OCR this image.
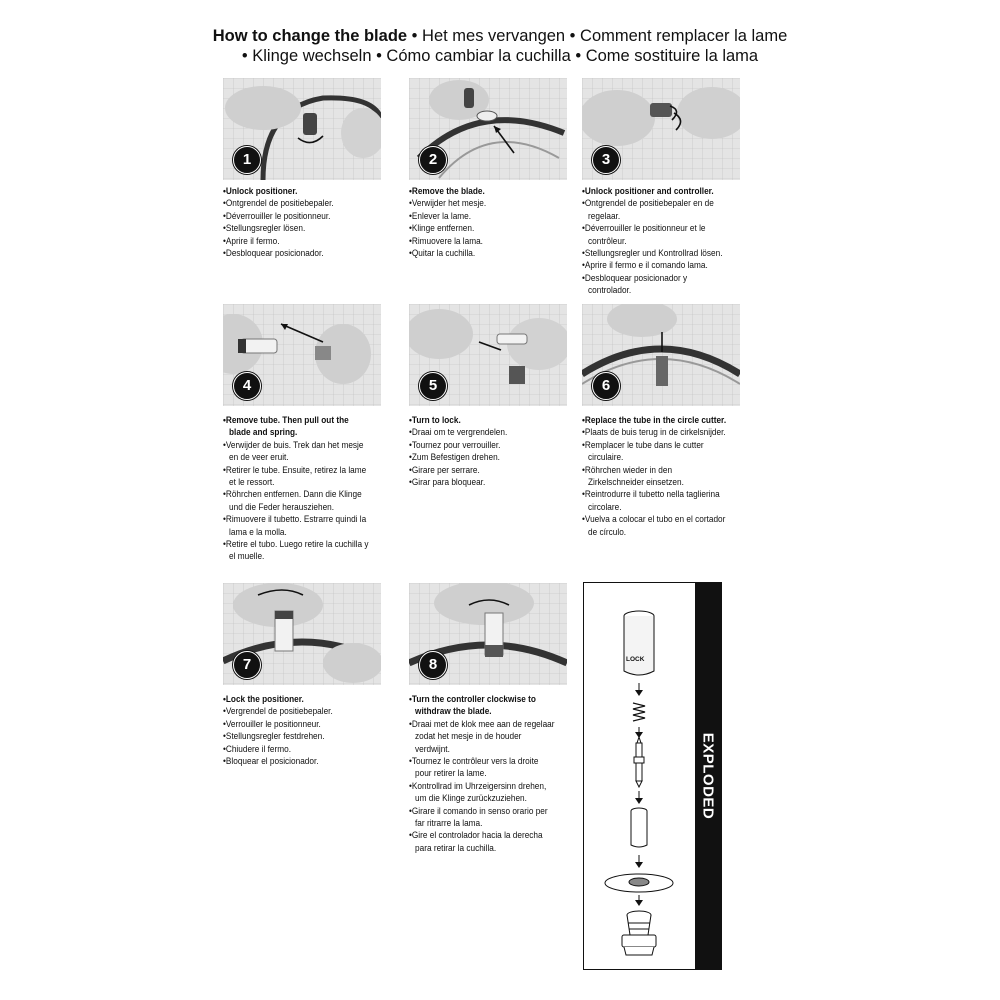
How to change the blade • Het mes vervangen • Comment remplacer la lame
• Klinge wechseln • Cómo cambiar la cuchilla • Come sostituire la lama
1	2	3
4	5	6
7	8
• Unlock positioner.
• Ontgrendel de positiebepaler.
• Déverrouiller le positionneur.
• Stellungsregler lösen.
• Aprire il fermo.
• Desbloquear posicionador.
• Remove the blade.
• Verwijder het mesje.
• Enlever la lame.
• Klinge entfernen.
• Rimuovere la lama.
• Quitar la cuchilla.
• Unlock positioner and controller.
• Ontgrendel de positiebepaler en de regelaar.
• Déverrouiller le positionneur et le contrôleur.
• Stellungsregler und Kontrollrad lösen.
• Aprire il fermo e il comando lama.
• Desbloquear posicionador y controlador.
• Remove tube. Then pull out the blade and spring.
• Verwijder de buis. Trek dan het mesje en de veer eruit.
• Retirer le tube. Ensuite, retirez la lame et le ressort.
• Röhrchen entfernen. Dann die Klinge und die Feder herausziehen.
• Rimuovere il tubetto. Estrarre quindi la lama e la molla.
• Retire el tubo. Luego retire la cuchilla y el muelle.
• Turn to lock.
• Draai om te vergrendelen.
• Tournez pour verrouiller.
• Zum Befestigen drehen.
• Girare per serrare.
• Girar para bloquear.
• Replace the tube in the circle cutter.
• Plaats de buis terug in de cirkelsnijder.
• Remplacer le tube dans le cutter circulaire.
• Röhrchen wieder in den Zirkelschneider einsetzen.
• Reintrodurre il tubetto nella taglierina circolare.
• Vuelva a colocar el tubo en el cortador de círculo.
• Lock the positioner.
• Vergrendel de positiebepaler.
• Verrouiller le positionneur.
• Stellungsregler festdrehen.
• Chiudere il fermo.
• Bloquear el posicionador.
• Turn the controller clockwise to withdraw the blade.
• Draai met de klok mee aan de regelaar zodat het mesje in de houder verdwijnt.
• Tournez le contrôleur vers la droite pour retirer la lame.
• Kontrollrad im Uhrzeigersinn drehen, um die Klinge zurückzuziehen.
• Girare il comando in senso orario per far ritrarre la lama.
• Gire el controlador hacia la derecha para retirar la cuchilla.
LOCK
EXPLODED
